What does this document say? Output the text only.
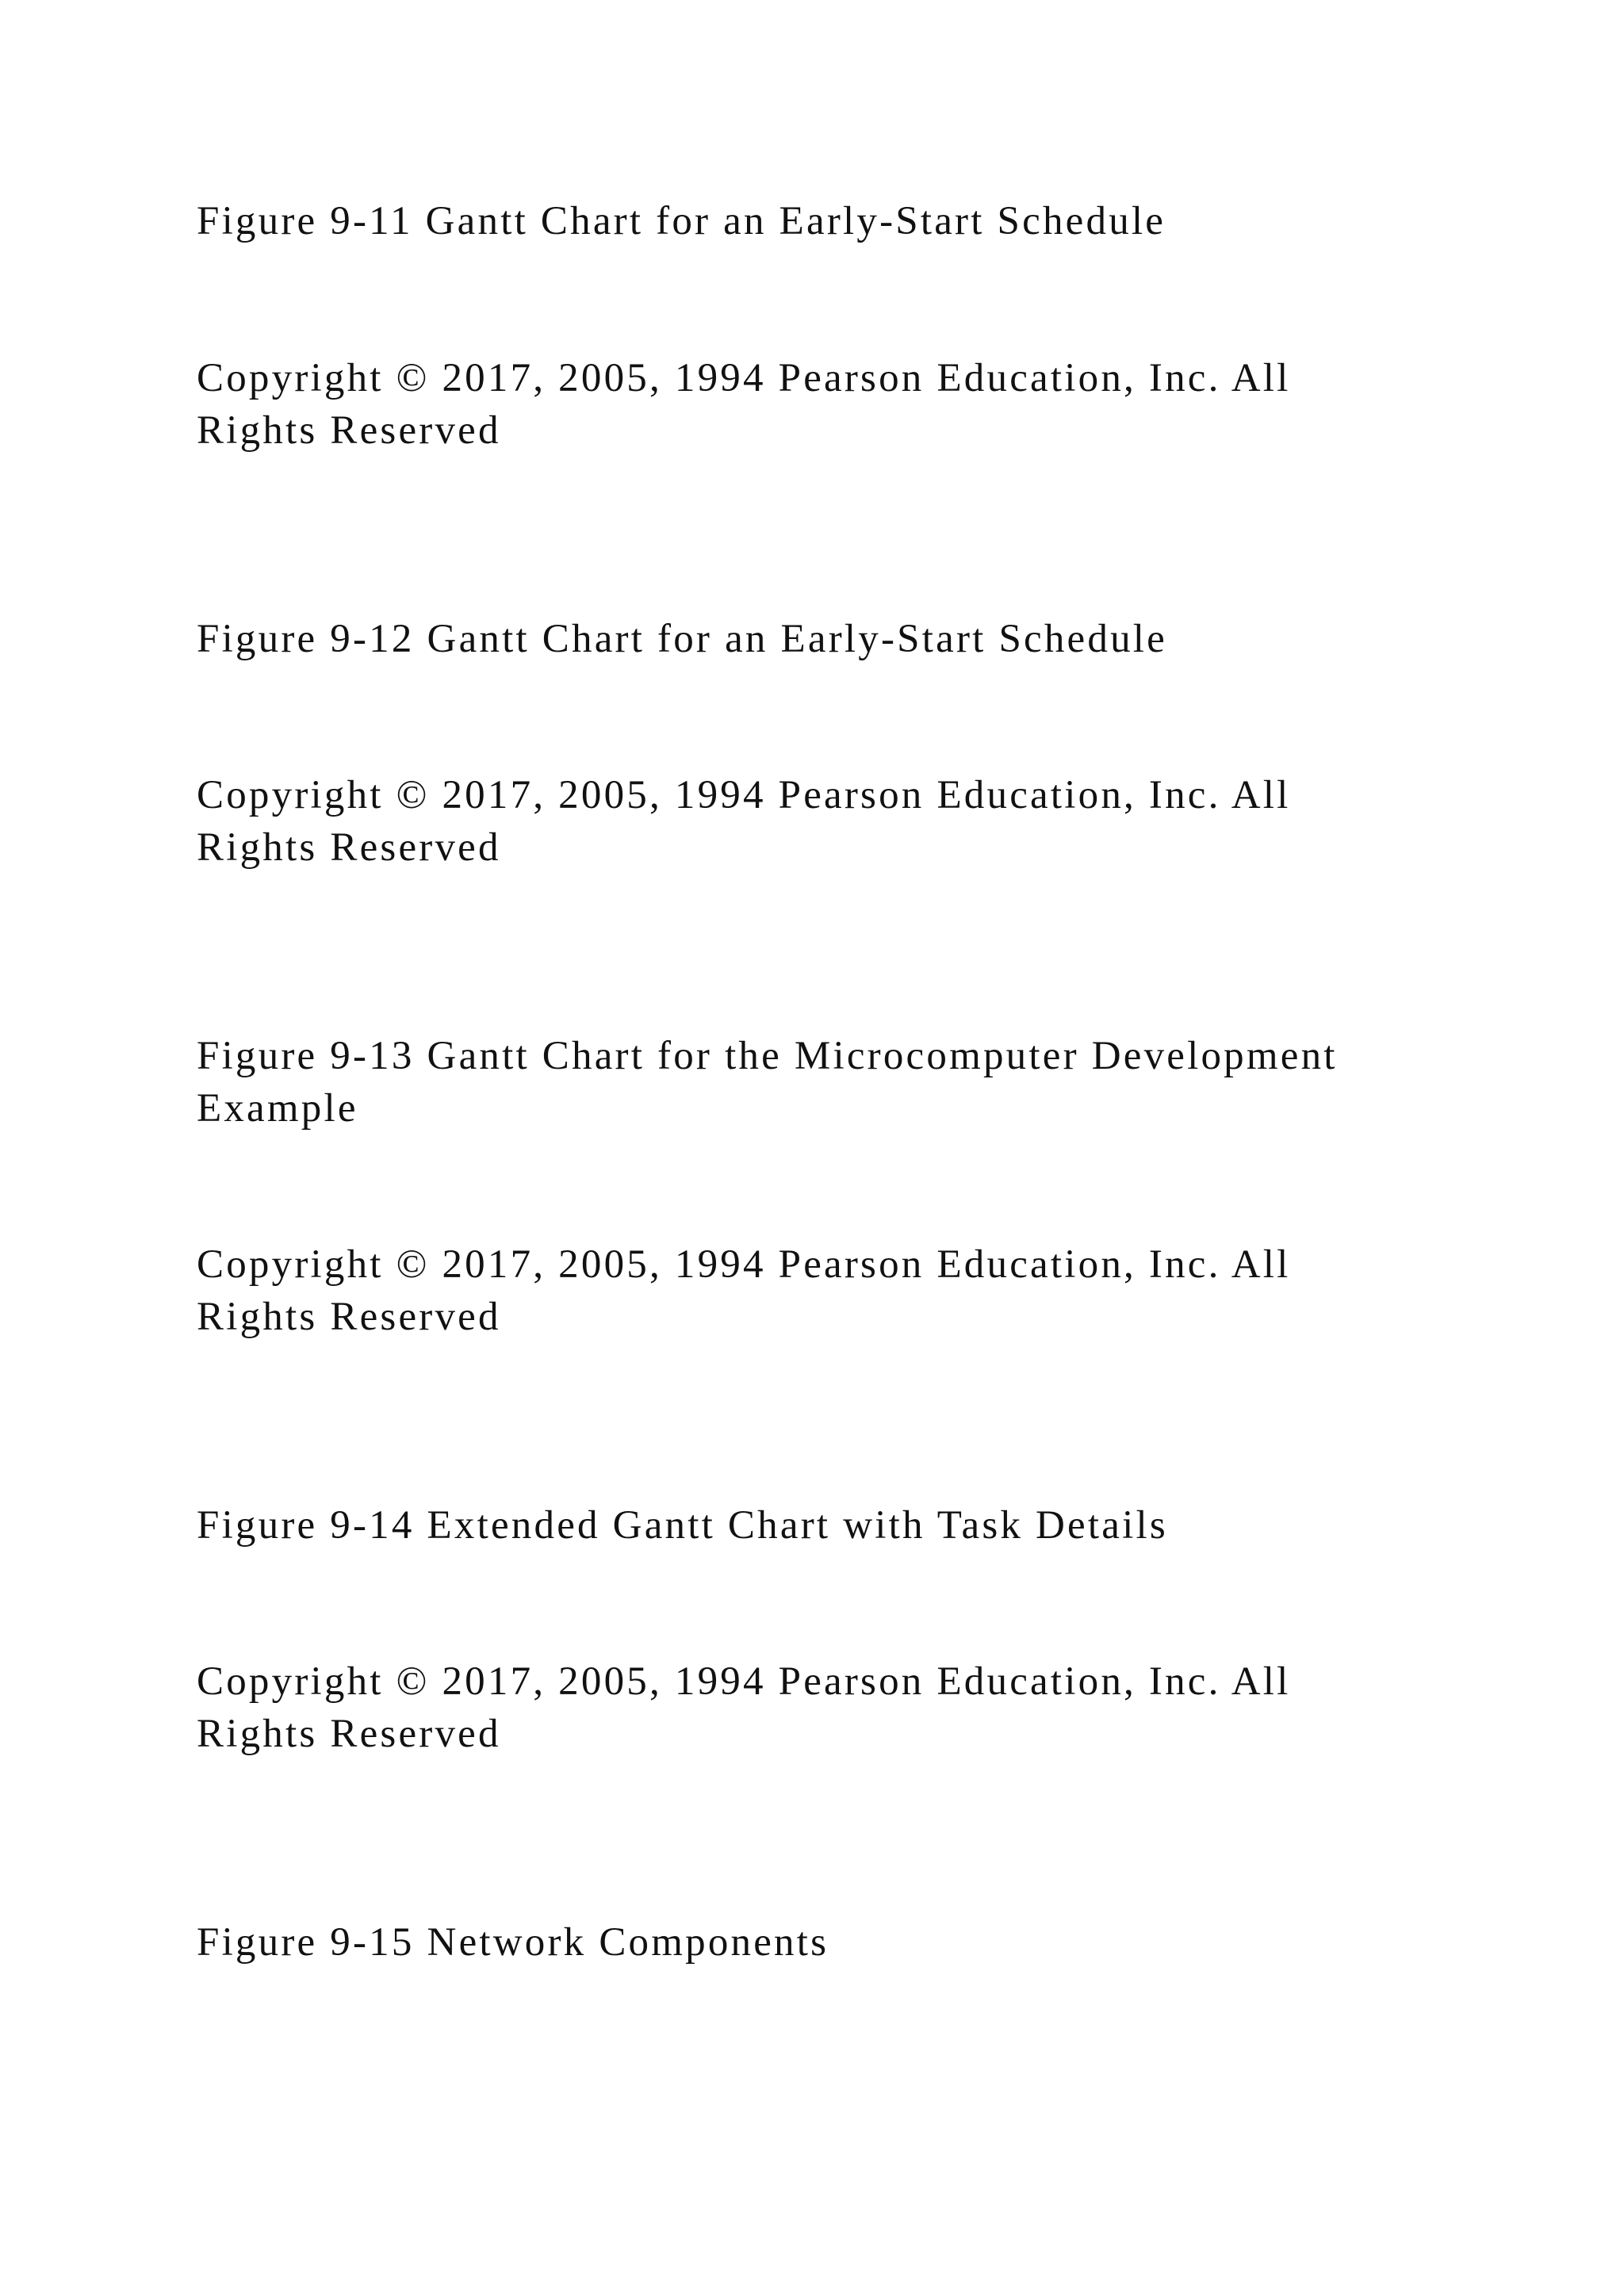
Figure 9-11 Gantt Chart for an Early-Start Schedule

Copyright © 2017, 2005, 1994 Pearson Education, Inc. All

Rights Reserved

Figure 9-12 Gantt Chart for an Early-Start Schedule

Copyright © 2017, 2005, 1994 Pearson Education, Inc. All

Rights Reserved

Figure 9-13 Gantt Chart for the Microcomputer Development

Example

Copyright © 2017, 2005, 1994 Pearson Education, Inc. All

Rights Reserved

Figure 9-14 Extended Gantt Chart with Task Details

Copyright © 2017, 2005, 1994 Pearson Education, Inc. All

Rights Reserved

Figure 9-15 Network Components
